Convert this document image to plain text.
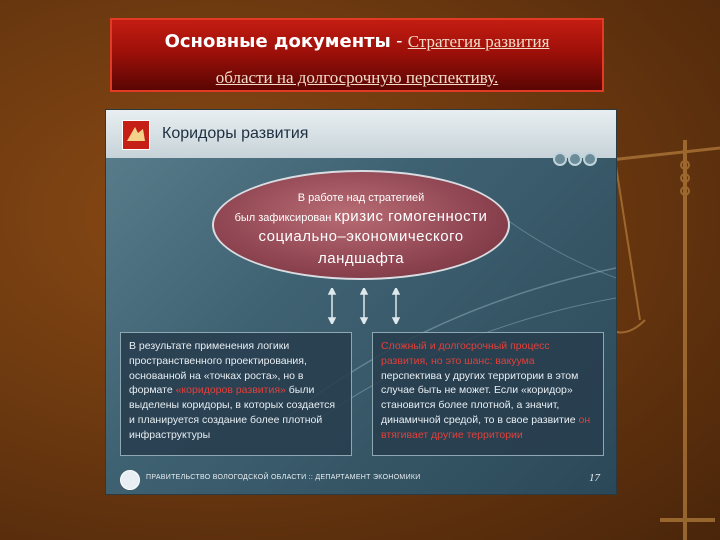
Основные документы - Стратегия развития
области на долгосрочную перспективу.
Коридоры развития
В работе над стратегией
был зафиксирован кризис гомогенности
социально–экономического
ландшафта
В результате применения логики пространственного проектирования, основанной на «точках роста», но в формате «коридоров развития» были выделены коридоры, в которых создается и планируется создание более плотной инфраструктуры
Сложный и долгосрочный процесс развития, но это шанс: вакуума перспектива у других территории в этом случае быть не может. Если «коридор» становится более плотной, а значит, динамичной средой, то в свое развитие он втягивает другие территории
ПРАВИТЕЛЬСТВО ВОЛОГОДСКОЙ ОБЛАСТИ :: ДЕПАРТАМЕНТ ЭКОНОМИКИ	17
